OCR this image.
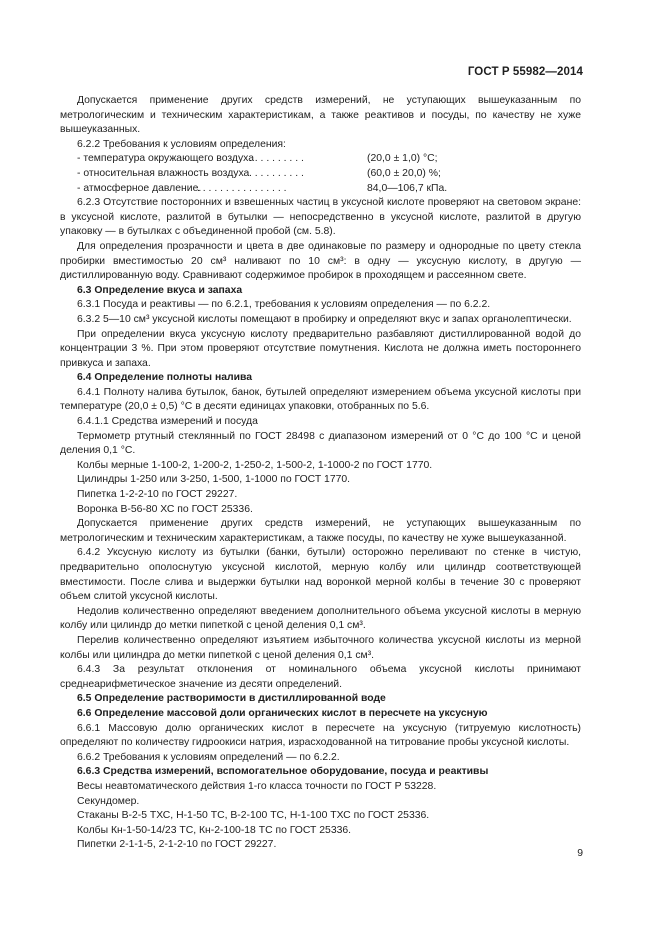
ГОСТ Р 55982—2014

Допускается применение других средств измерений, не уступающих вышеуказанным по метрологическим и техническим характеристикам, а также реактивов и посуды, по качеству не хуже вышеуказанных.

6.2.2 Требования к условиям определения:

- температура окружающего воздуха. . . . . . . . . .	(20,0 ± 1,0) °С;
- относительная влажность воздуха. . . . . . . . . .	(60,0 ± 20,0) %;
- атмосферное давление.. . . . . . . . . . . . . . . .	84,0—106,7 кПа.

6.2.3 Отсутствие посторонних и взвешенных частиц в уксусной кислоте проверяют на световом экране: в уксусной кислоте, разлитой в бутылки — непосредственно в уксусной кислоте, разлитой в другую упаковку — в бутылках с объединенной пробой (см. 5.8).

Для определения прозрачности и цвета в две одинаковые по размеру и однородные по цвету стекла пробирки вместимостью 20 см³ наливают по 10 см³: в одну — уксусную кислоту, в другую — дистиллированную воду. Сравнивают содержимое пробирок в проходящем и рассеянном свете.

6.3 Определение вкуса и запаха

6.3.1 Посуда и реактивы — по 6.2.1, требования к условиям определения — по 6.2.2.

6.3.2 5—10 см³ уксусной кислоты помещают в пробирку и определяют вкус и запах органолептически.

При определении вкуса уксусную кислоту предварительно разбавляют дистиллированной водой до концентрации 3 %. При этом проверяют отсутствие помутнения. Кислота не должна иметь постороннего привкуса и запаха.

6.4 Определение полноты налива

6.4.1 Полноту налива бутылок, банок, бутылей определяют измерением объема уксусной кислоты при температуре (20,0 ± 0,5) °С в десяти единицах упаковки, отобранных по 5.6.

6.4.1.1 Средства измерений и посуда

Термометр ртутный стеклянный по ГОСТ 28498 с диапазоном измерений от 0 °С до 100 °С и ценой деления 0,1 °С.

Колбы мерные 1-100-2, 1-200-2, 1-250-2, 1-500-2, 1-1000-2 по ГОСТ 1770.

Цилиндры 1-250 или 3-250, 1-500, 1-1000 по ГОСТ 1770.

Пипетка 1-2-2-10 по ГОСТ 29227.

Воронка В-56-80 ХС по ГОСТ 25336.

Допускается применение других средств измерений, не уступающих вышеуказанным по метрологическим и техническим характеристикам, а также посуды, по качеству не хуже вышеуказанной.

6.4.2 Уксусную кислоту из бутылки (банки, бутыли) осторожно переливают по стенке в чистую, предварительно ополоснутую уксусной кислотой, мерную колбу или цилиндр соответствующей вместимости. После слива и выдержки бутылки над воронкой мерной колбы в течение 30 с проверяют объем слитой уксусной кислоты.

Недолив количественно определяют введением дополнительного объема уксусной кислоты в мерную колбу или цилиндр до метки пипеткой с ценой деления 0,1 см³.

Перелив количественно определяют изъятием избыточного количества уксусной кислоты из мерной колбы или цилиндра до метки пипеткой с ценой деления 0,1 см³.

6.4.3 За результат отклонения от номинального объема уксусной кислоты принимают среднеарифметическое значение из десяти определений.

6.5 Определение растворимости в дистиллированной воде

6.6 Определение массовой доли органических кислот в пересчете на уксусную

6.6.1 Массовую долю органических кислот в пересчете на уксусную (титруемую кислотность) определяют по количеству гидроокиси натрия, израсходованной на титрование пробы уксусной кислоты.

6.6.2 Требования к условиям определений — по 6.2.2.

6.6.3 Средства измерений, вспомогательное оборудование, посуда и реактивы

Весы неавтоматического действия 1-го класса точности по ГОСТ Р 53228.

Секундомер.

Стаканы В-2-5 ТХС, Н-1-50 ТС, В-2-100 ТС, Н-1-100 ТХС по ГОСТ 25336.

Колбы Кн-1-50-14/23 ТС, Кн-2-100-18 ТС по ГОСТ 25336.

Пипетки 2-1-1-5, 2-1-2-10 по ГОСТ 29227.

9
